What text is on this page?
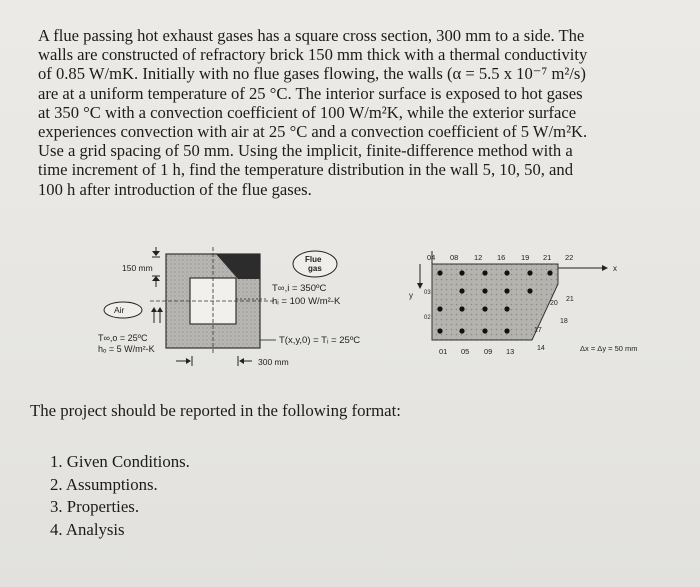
A flue passing hot exhaust gases has a square cross section, 300 mm to a side. The

walls are constructed of refractory brick 150 mm thick with a thermal conductivity

of 0.85 W/mK. Initially with no flue gases flowing, the walls (α = 5.5 x 10⁻⁷ m²/s)

are at a uniform temperature of 25 °C. The interior surface is exposed to hot gases

at 350 °C with a convection coefficient of 100 W/m²K, while the exterior surface

experiences convection with air at 25 °C and a convection coefficient of 5 W/m²K.

Use a grid spacing of 50 mm. Using the implicit, finite-difference method with a

time increment of 1 h, find the temperature distribution in the wall 5, 10, 50, and

100 h after introduction of the flue gases.

150 mm
Air
T∞,o = 25ºC
hₒ = 5 W/m²-K
Flue
gas
T∞,i = 350ºC
hᵢ = 100 W/m²-K
T(x,y,0) = Tᵢ = 25ºC
300 mm
x
y
04 08 12 16 19 21 22
01 05 09 13
03
02
20
18
17
14
21
Δx = Δy = 50 mm
The project should be reported in the following format:
1. Given Conditions.
2. Assumptions.
3. Properties.
4. Analysis
